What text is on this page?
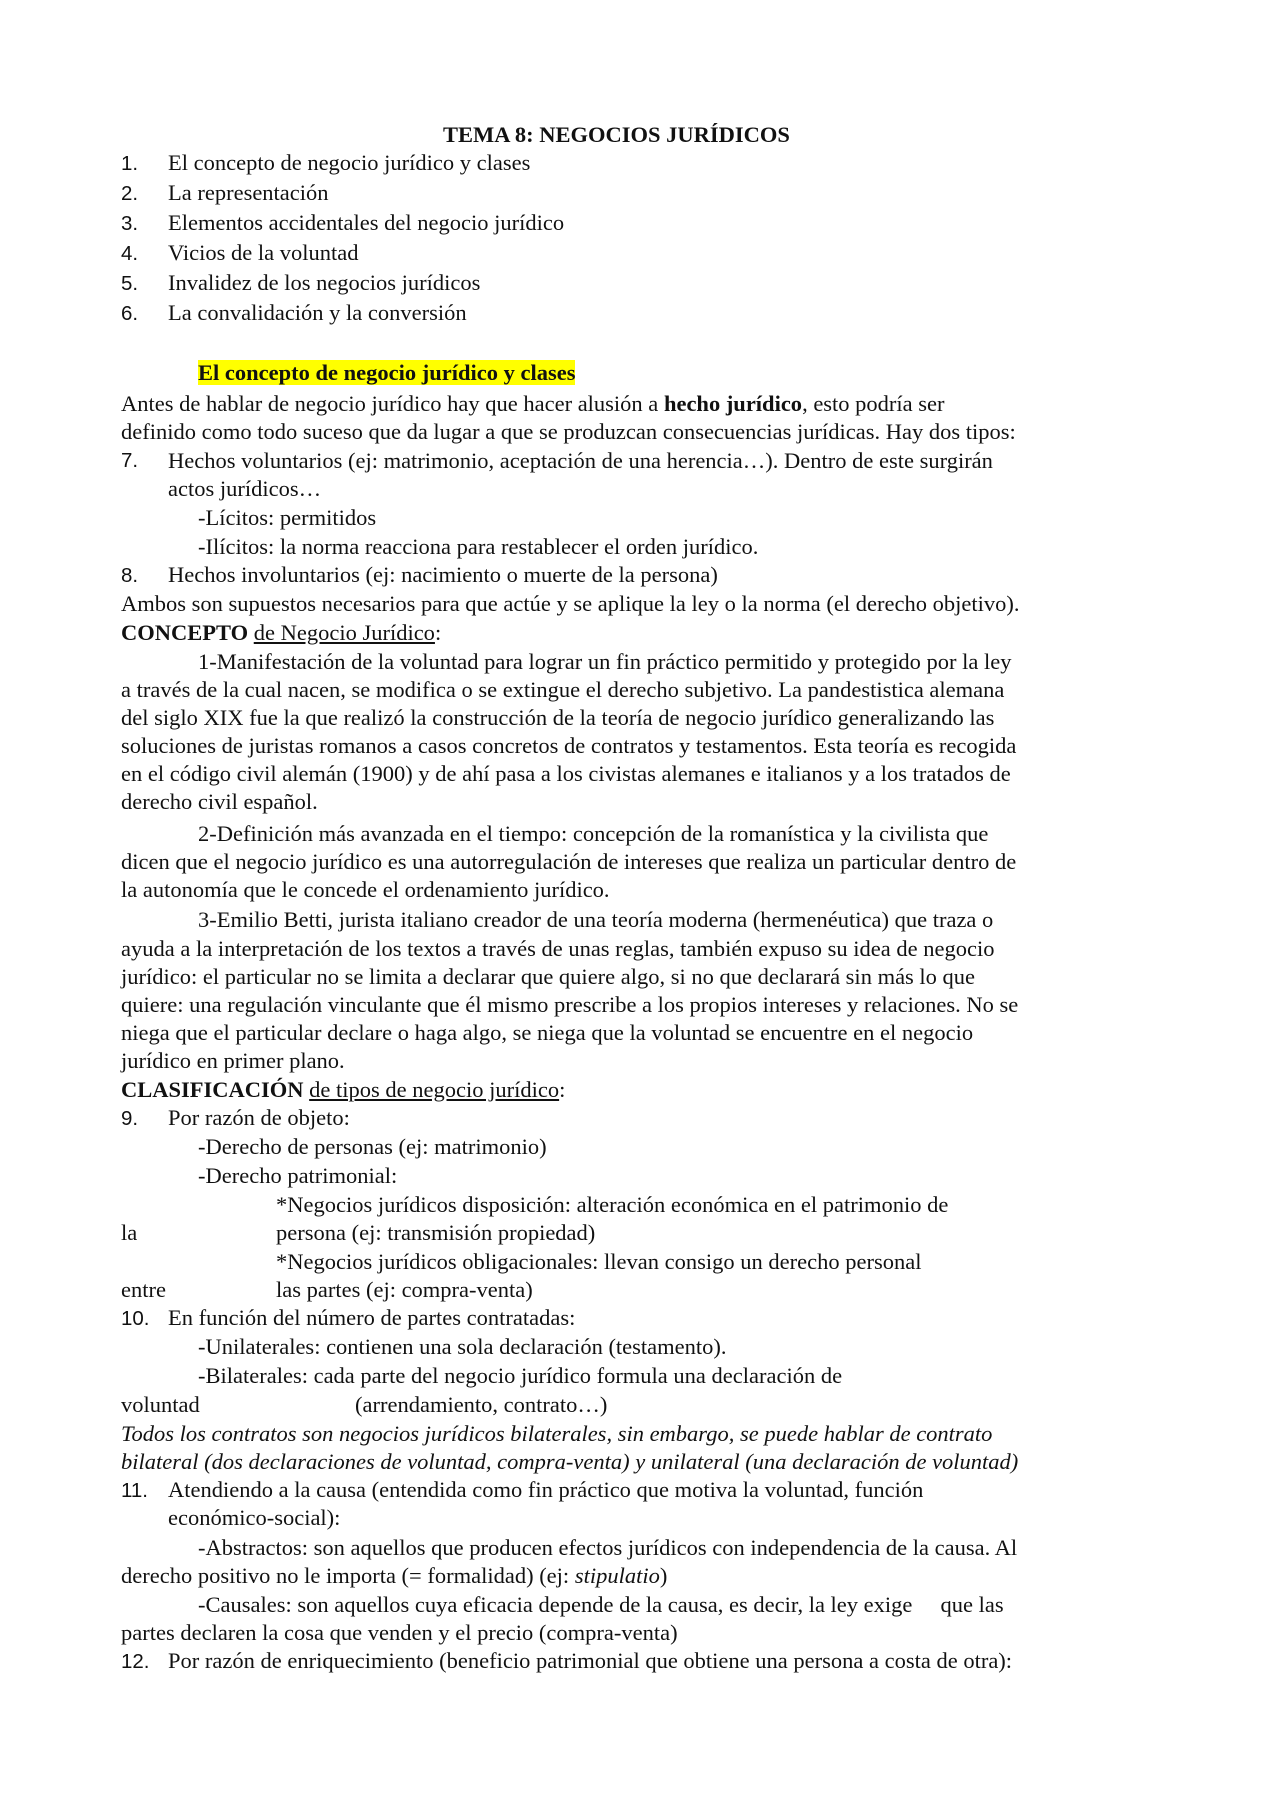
TEMA 8: NEGOCIOS JURÍDICOS
1. El concepto de negocio jurídico y clases
2. La representación
3. Elementos accidentales del negocio jurídico
4. Vicios de la voluntad
5. Invalidez de los negocios jurídicos
6. La convalidación y la conversión
El concepto de negocio jurídico y clases
Antes de hablar de negocio jurídico hay que hacer alusión a hecho jurídico, esto podría ser
definido como todo suceso que da lugar a que se produzcan consecuencias jurídicas. Hay dos tipos:
7. Hechos voluntarios (ej: matrimonio, aceptación de una herencia…). Dentro de este surgirán
actos jurídicos…
-Lícitos: permitidos
-Ilícitos: la norma reacciona para restablecer el orden jurídico.
8. Hechos involuntarios (ej: nacimiento o muerte de la persona)
Ambos son supuestos necesarios para que actúe y se aplique la ley o la norma (el derecho objetivo).
CONCEPTO de Negocio Jurídico:
1-Manifestación de la voluntad para lograr un fin práctico permitido y protegido por la ley
a través de la cual nacen, se modifica o se extingue el derecho subjetivo. La pandestistica alemana
del siglo XIX fue la que realizó la construcción de la teoría de negocio jurídico generalizando las
soluciones de juristas romanos a casos concretos de contratos y testamentos. Esta teoría es recogida
en el código civil alemán (1900) y de ahí pasa a los civistas alemanes e italianos y a los tratados de
derecho civil español.
2-Definición más avanzada en el tiempo: concepción de la romanística y la civilista que
dicen que el negocio jurídico es una autorregulación de intereses que realiza un particular dentro de
la autonomía que le concede el ordenamiento jurídico.
3-Emilio Betti, jurista italiano creador de una teoría moderna (hermenéutica) que traza o
ayuda a la interpretación de los textos a través de unas reglas, también expuso su idea de negocio
jurídico: el particular no se limita a declarar que quiere algo, si no que declarará sin más lo que
quiere: una regulación vinculante que él mismo prescribe a los propios intereses y relaciones. No se
niega que el particular declare o haga algo, se niega que la voluntad se encuentre en el negocio
jurídico en primer plano.
CLASIFICACIÓN de tipos de negocio jurídico:
9. Por razón de objeto:
-Derecho de personas (ej: matrimonio)
-Derecho patrimonial:
*Negocios jurídicos disposición: alteración económica en el patrimonio de
la	persona (ej: transmisión propiedad)
*Negocios jurídicos obligacionales: llevan consigo un derecho personal
entre	las partes (ej: compra-venta)
10. En función del número de partes contratadas:
-Unilaterales: contienen una sola declaración (testamento).
-Bilaterales: cada parte del negocio jurídico formula una declaración de
voluntad	(arrendamiento, contrato…)
Todos los contratos son negocios jurídicos bilaterales, sin embargo, se puede hablar de contrato
bilateral (dos declaraciones de voluntad, compra-venta) y unilateral (una declaración de voluntad)
11. Atendiendo a la causa (entendida como fin práctico que motiva la voluntad, función
económico-social):
-Abstractos: son aquellos que producen efectos jurídicos con independencia de la causa. Al
derecho positivo no le importa (= formalidad) (ej: stipulatio)
-Causales: son aquellos cuya eficacia depende de la causa, es decir, la ley exige     que las
partes declaren la cosa que venden y el precio (compra-venta)
12. Por razón de enriquecimiento (beneficio patrimonial que obtiene una persona a costa de otra):
